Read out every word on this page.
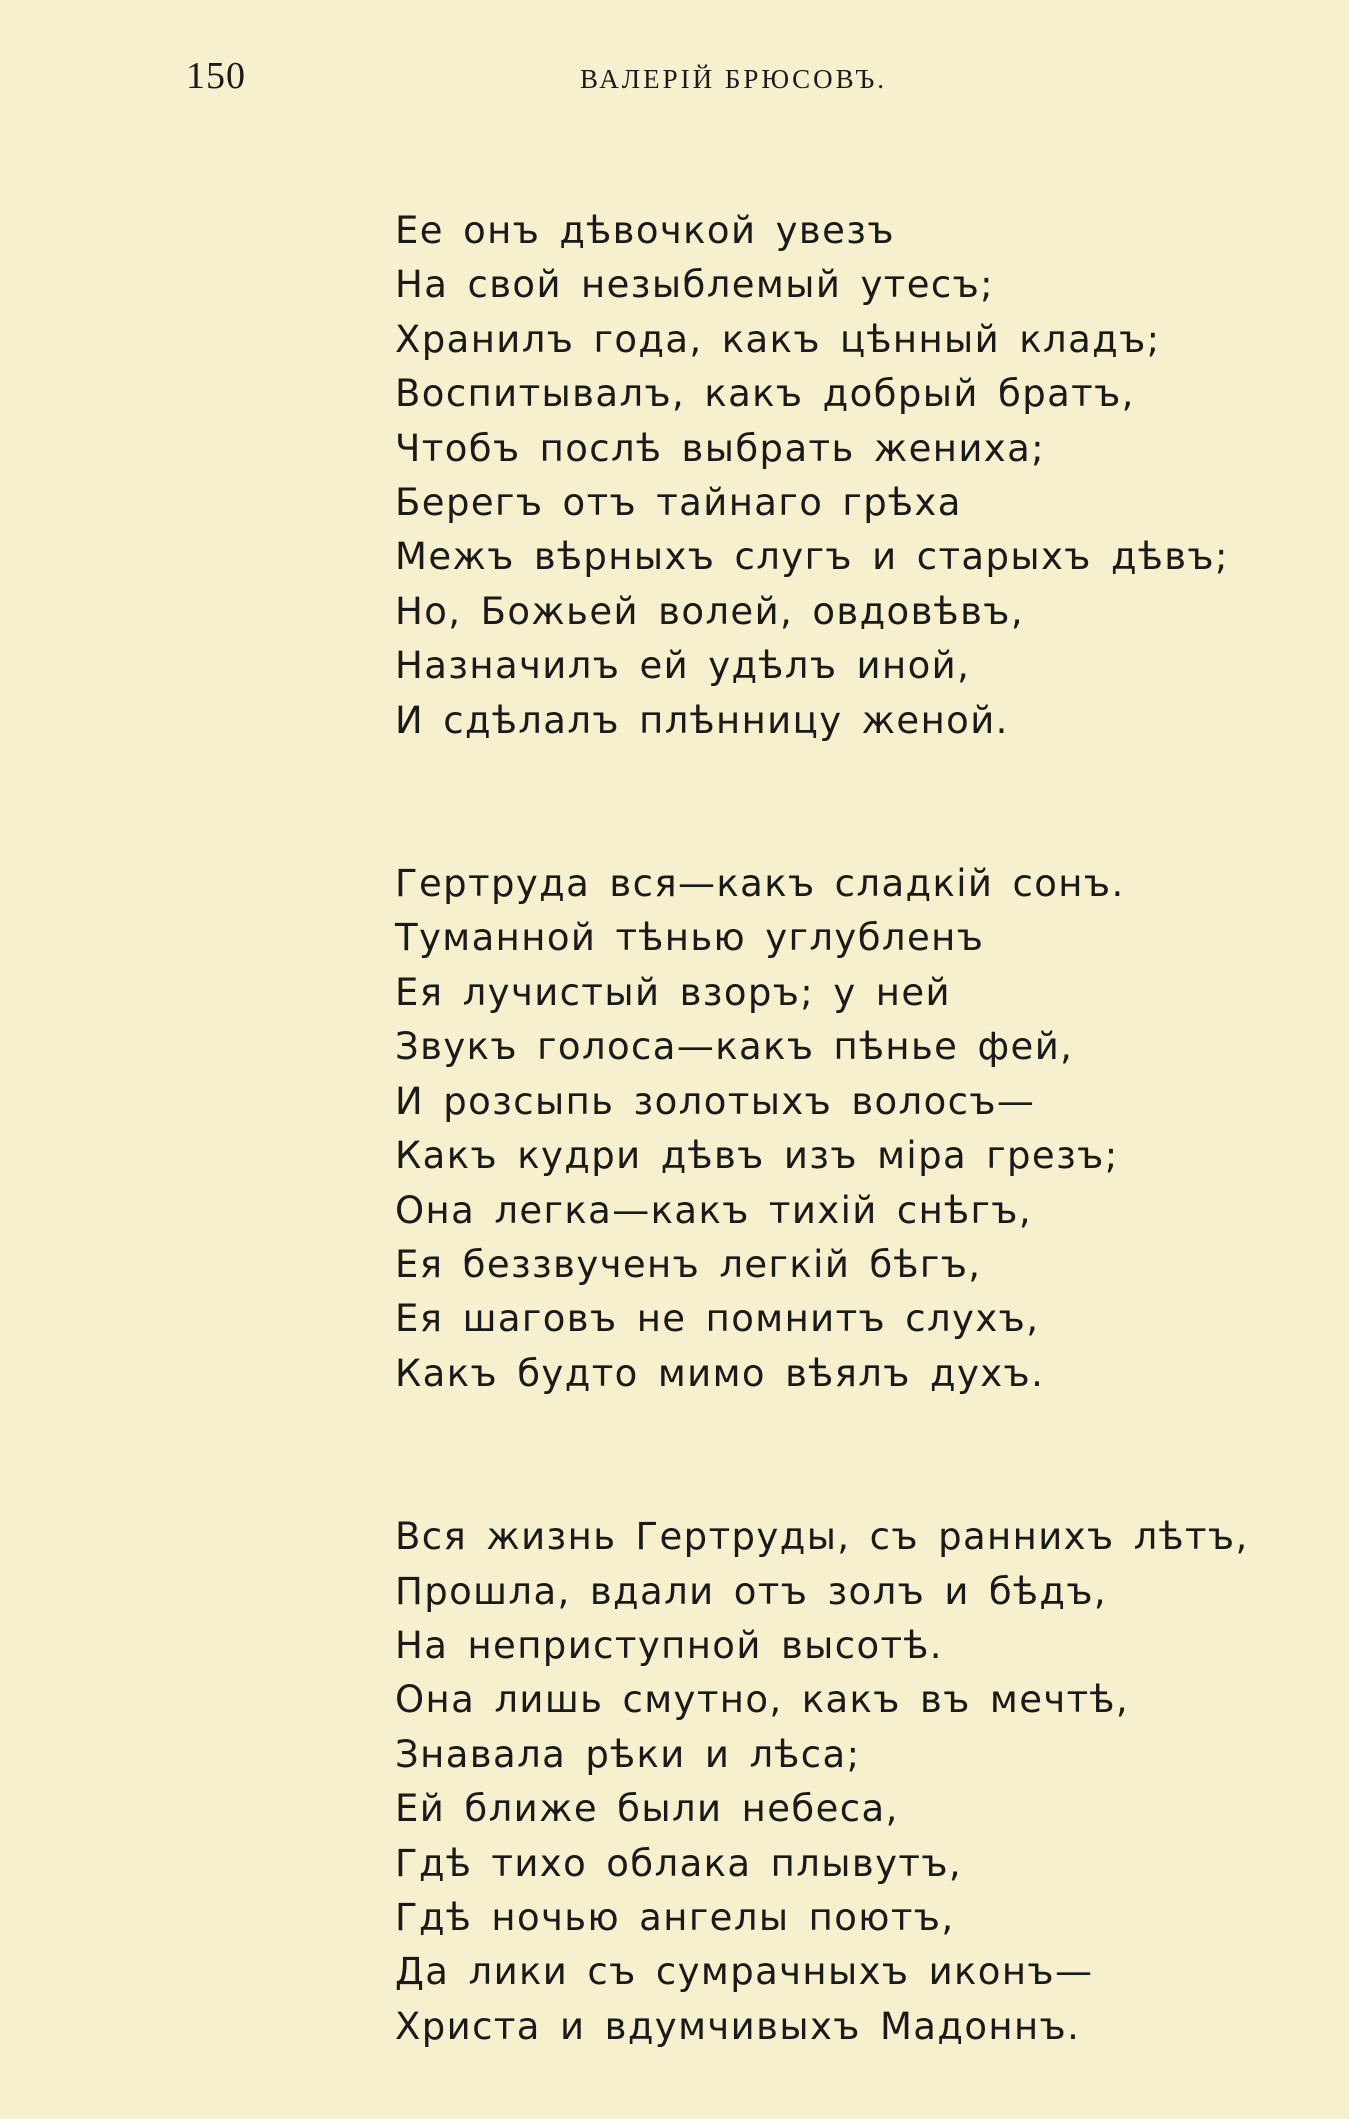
150	ВАЛЕРІЙ БРЮСОВЪ.
Ее онъ дѣвочкой увезъ
На свой незыблемый утесъ;
Хранилъ года, какъ цѣнный кладъ;
Воспитывалъ, какъ добрый братъ,
Чтобъ послѣ выбрать жениха;
Берегъ отъ тайнаго грѣха
Межъ вѣрныхъ слугъ и старыхъ дѣвъ;
Но, Божьей волей, овдовѣвъ,
Назначилъ ей удѣлъ иной,
И сдѣлалъ плѣнницу женой.
Гертруда вся—какъ сладкій сонъ.
Туманной тѣнью углубленъ
Ея лучистый взоръ; у ней
Звукъ голоса—какъ пѣнье фей,
И розсыпь золотыхъ волосъ—
Какъ кудри дѣвъ изъ міра грезъ;
Она легка—какъ тихій снѣгъ,
Ея беззвученъ легкій бѣгъ,
Ея шаговъ не помнитъ слухъ,
Какъ будто мимо вѣялъ духъ.
Вся жизнь Гертруды, съ раннихъ лѣтъ,
Прошла, вдали отъ золъ и бѣдъ,
На неприступной высотѣ.
Она лишь смутно, какъ въ мечтѣ,
Знавала рѣки и лѣса;
Ей ближе были небеса,
Гдѣ тихо облака плывутъ,
Гдѣ ночью ангелы поютъ,
Да лики съ сумрачныхъ иконъ—
Христа и вдумчивыхъ Мадоннъ.
